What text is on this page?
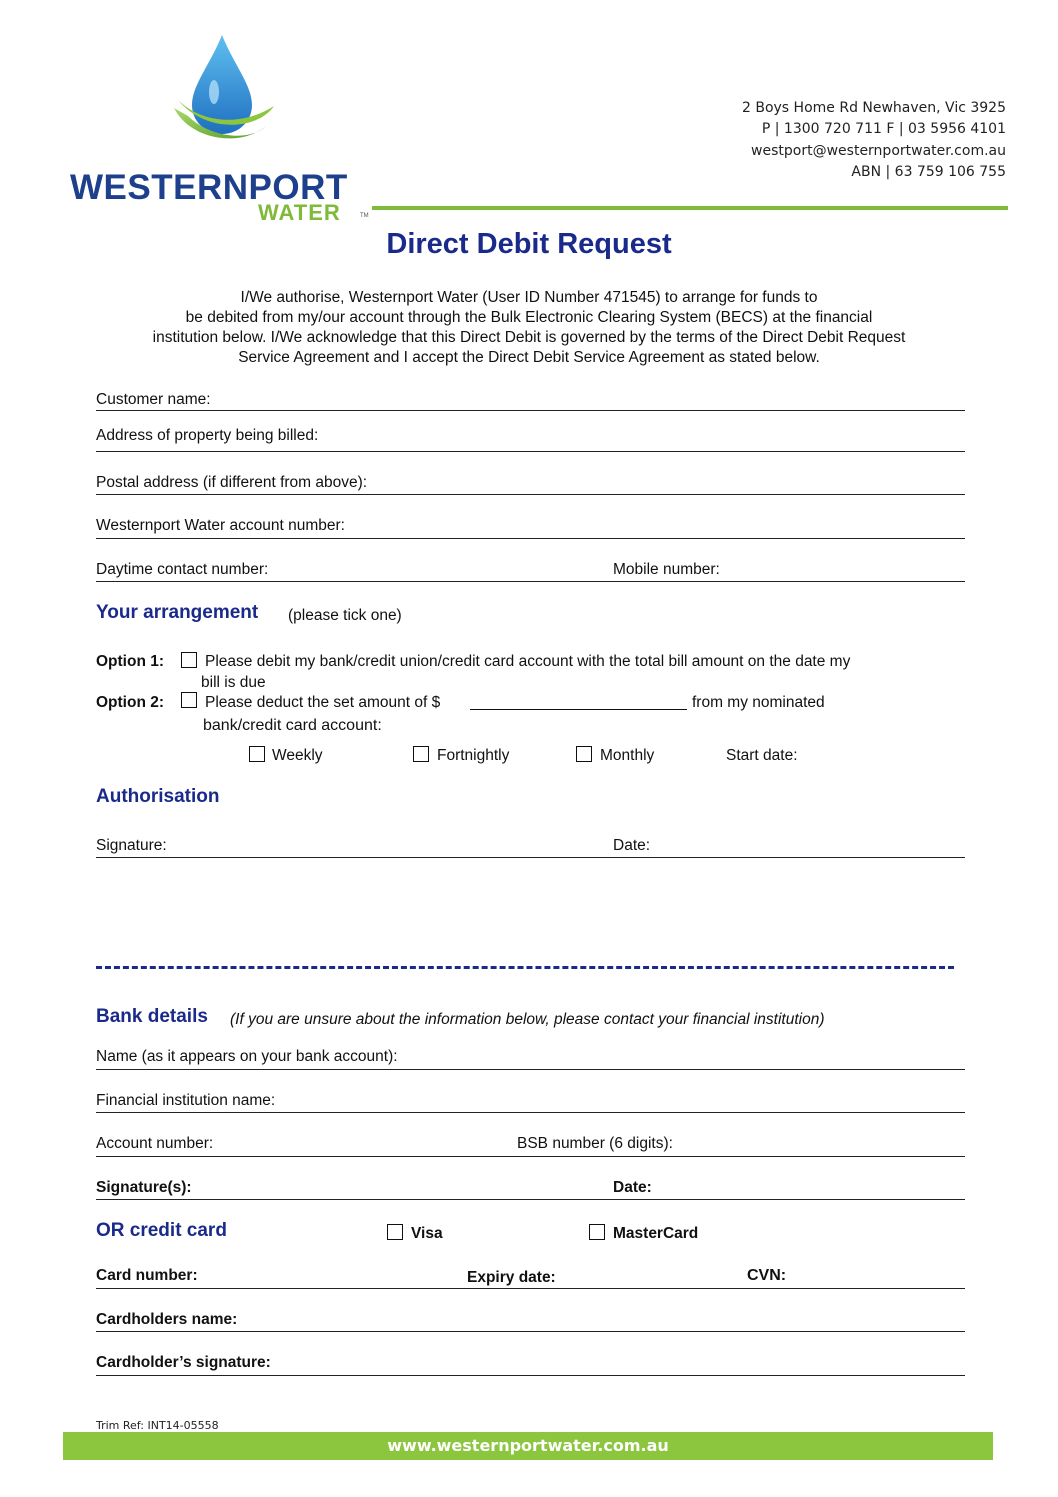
WESTERNPORT
WATER	TM
2 Boys Home Rd Newhaven, Vic 3925
P | 1300 720 711 F | 03 5956 4101
westport@westernportwater.com.au
ABN | 63 759 106 755
Direct Debit Request
I/We authorise, Westernport Water (User ID Number 471545) to arrange for funds to
be debited from my/our account through the Bulk Electronic Clearing System (BECS) at the financial
institution below. I/We acknowledge that this Direct Debit is governed by the terms of the Direct Debit Request
Service Agreement and I accept the Direct Debit Service Agreement as stated below.
Customer name:
Address of property being billed:
Postal address (if different from above):
Westernport Water account number:
Daytime contact number:	Mobile number:
Your arrangement (please tick one)
Option 1:	Please debit my bank/credit union/credit card account with the total bill amount on the date my
bill is due
Option 2:	Please deduct the set amount of $	from my nominated
bank/credit card account:
Weekly	Fortnightly	Monthly	Start date:
Authorisation
Signature:	Date:
Bank details (If you are unsure about the information below, please contact your financial institution)
Name (as it appears on your bank account):
Financial institution name:
Account number:	BSB number (6 digits):
Signature(s):	Date:
OR credit card	Visa	MasterCard
Card number:	Expiry date:	CVN:
Cardholders name:
Cardholder’s signature:
Trim Ref: INT14-05558
www.westernportwater.com.au
